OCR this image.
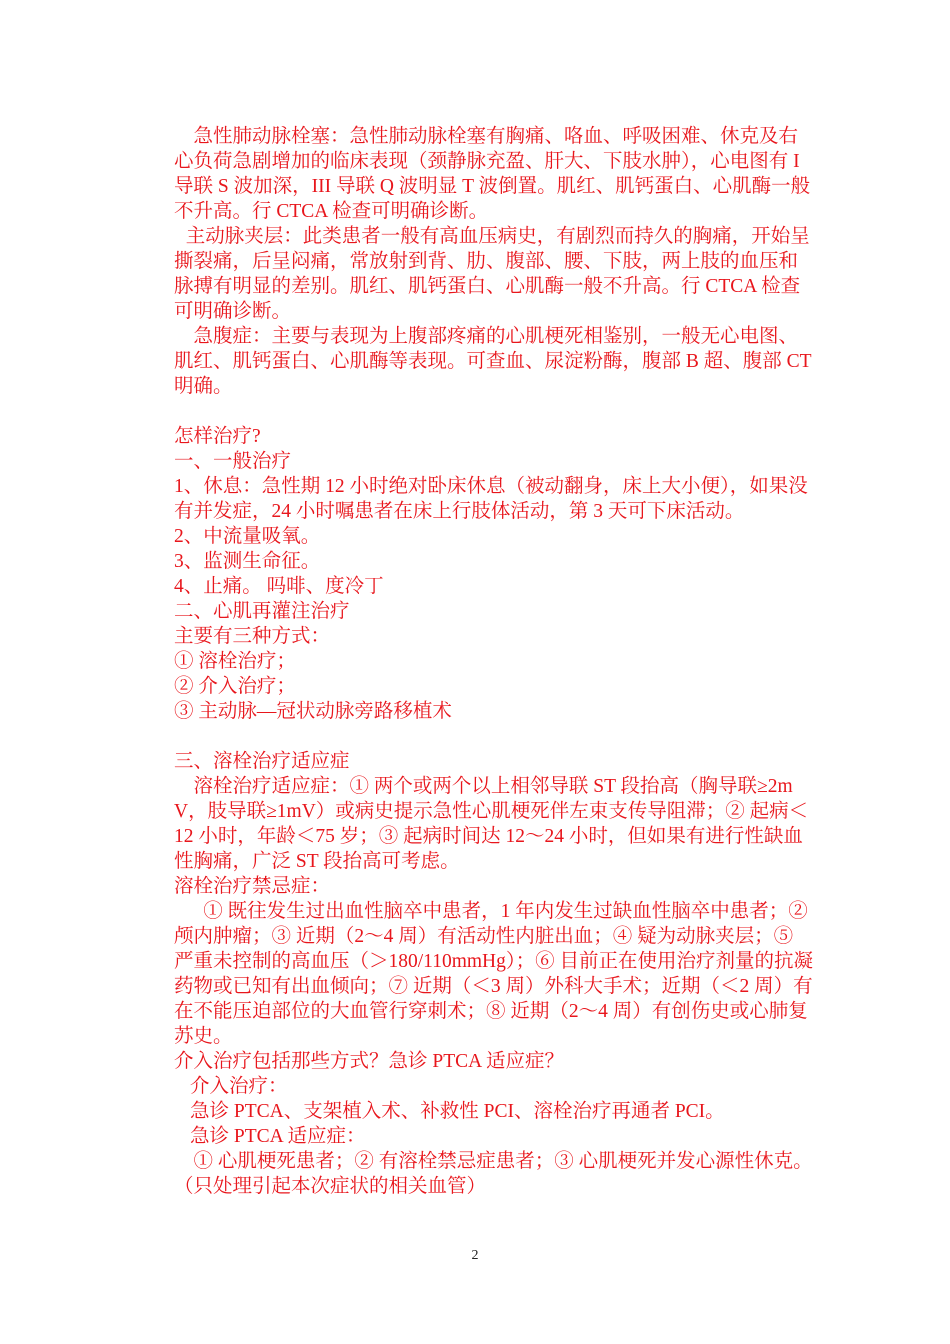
急性肺动脉栓塞：急性肺动脉栓塞有胸痛、咯血、呼吸困难、休克及右心负荷急剧增加的临床表现（颈静脉充盈、肝大、下肢水肿），心电图有 I 导联 S 波加深，III 导联 Q 波明显 T 波倒置。肌红、肌钙蛋白、心肌酶一般不升高。行 CTCA 检查可明确诊断。

主动脉夹层：此类患者一般有高血压病史，有剧烈而持久的胸痛，开始呈撕裂痛，后呈闷痛，常放射到背、肋、腹部、腰、下肢，两上肢的血压和脉搏有明显的差别。肌红、肌钙蛋白、心肌酶一般不升高。行 CTCA 检查可明确诊断。

急腹症：主要与表现为上腹部疼痛的心肌梗死相鉴别，一般无心电图、肌红、肌钙蛋白、心肌酶等表现。可查血、尿淀粉酶，腹部 B 超、腹部 CT 明确。

怎样治疗?

一、一般治疗

1、休息：急性期 12 小时绝对卧床休息（被动翻身，床上大小便），如果没有并发症，24 小时嘱患者在床上行肢体活动，第 3 天可下床活动。

2、中流量吸氧。

3、监测生命征。

4、止痛。 吗啡、度冷丁

二、心肌再灌注治疗

主要有三种方式：

① 溶栓治疗；

② 介入治疗；

③ 主动脉—冠状动脉旁路移植术

三、溶栓治疗适应症

溶栓治疗适应症：① 两个或两个以上相邻导联 ST 段抬高（胸导联≥2mV，肢导联≥1mV）或病史提示急性心肌梗死伴左束支传导阻滞；② 起病＜12 小时，年龄＜75 岁；③ 起病时间达 12～24 小时，但如果有进行性缺血性胸痛，广泛 ST 段抬高可考虑。

溶栓治疗禁忌症：

① 既往发生过出血性脑卒中患者，1 年内发生过缺血性脑卒中患者；② 颅内肿瘤；③ 近期（2～4 周）有活动性内脏出血；④ 疑为动脉夹层；⑤ 严重未控制的高血压（＞180/110mmHg）；⑥ 目前正在使用治疗剂量的抗凝药物或已知有出血倾向；⑦ 近期（＜3 周）外科大手术；近期（＜2 周）有在不能压迫部位的大血管行穿刺术；⑧ 近期（2～4 周）有创伤史或心肺复苏史。

介入治疗包括那些方式？急诊 PTCA 适应症？

介入治疗：

急诊 PTCA、支架植入术、补救性 PCI、溶栓治疗再通者 PCI。

急诊 PTCA 适应症：

① 心肌梗死患者；② 有溶栓禁忌症患者；③ 心肌梗死并发心源性休克。（只处理引起本次症状的相关血管）

2
